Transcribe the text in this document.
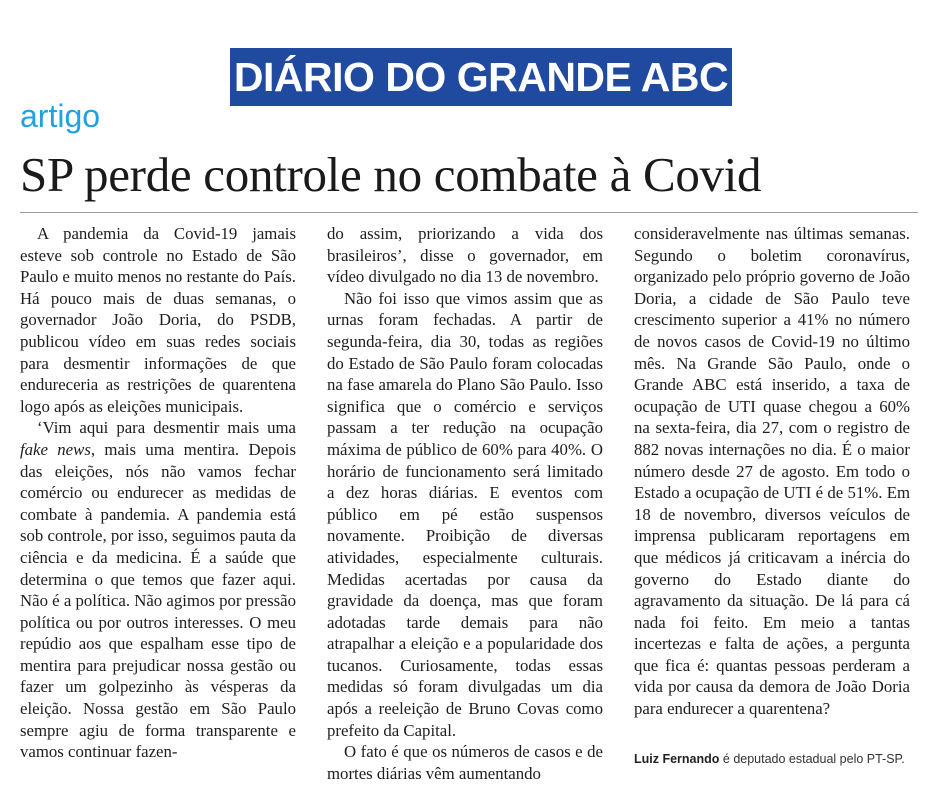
DIÁRIO DO GRANDE ABC
artigo
SP perde controle no combate à Covid

A pandemia da Covid-19 jamais esteve sob controle no Estado de São Paulo e muito menos no restante do País. Há pouco mais de duas semanas, o governador João Doria, do PSDB, publicou vídeo em suas redes sociais para desmentir informações de que endureceria as restrições de quarentena logo após as eleições municipais.

‘Vim aqui para desmentir mais uma fake news, mais uma mentira. Depois das eleições, nós não vamos fechar comércio ou endurecer as medidas de combate à pandemia. A pandemia está sob controle, por isso, seguimos pauta da ciência e da medicina. É a saúde que determina o que temos que fazer aqui. Não é a política. Não agimos por pressão política ou por outros interesses. O meu repúdio aos que espalham esse tipo de mentira para prejudicar nossa gestão ou fazer um golpezinho às vésperas da eleição. Nossa gestão em São Paulo sempre agiu de forma transparente e vamos continuar fazen-

do assim, priorizando a vida dos brasileiros’, disse o governador, em vídeo divulgado no dia 13 de novembro.

Não foi isso que vimos assim que as urnas foram fechadas. A partir de segunda-feira, dia 30, todas as regiões do Estado de São Paulo foram colocadas na fase amarela do Plano São Paulo. Isso significa que o comércio e serviços passam a ter redução na ocupação máxima de público de 60% para 40%. O horário de funcionamento será limitado a dez horas diárias. E eventos com público em pé estão suspensos novamente. Proibição de diversas atividades, especialmente culturais. Medidas acertadas por causa da gravidade da doença, mas que foram adotadas tarde demais para não atrapalhar a eleição e a popularidade dos tucanos. Curiosamente, todas essas medidas só foram divulgadas um dia após a reeleição de Bruno Covas como prefeito da Capital.

O fato é que os números de casos e de mortes diárias vêm aumentando

consideravelmente nas últimas semanas. Segundo o boletim coronavírus, organizado pelo próprio governo de João Doria, a cidade de São Paulo teve crescimento superior a 41% no número de novos casos de Covid-19 no último mês. Na Grande São Paulo, onde o Grande ABC está inserido, a taxa de ocupação de UTI quase chegou a 60% na sexta-feira, dia 27, com o registro de 882 novas internações no dia. É o maior número desde 27 de agosto. Em todo o Estado a ocupação de UTI é de 51%. Em 18 de novembro, diversos veículos de imprensa publicaram reportagens em que médicos já criticavam a inércia do governo do Estado diante do agravamento da situação. De lá para cá nada foi feito. Em meio a tantas incertezas e falta de ações, a pergunta que fica é: quantas pessoas perderam a vida por causa da demora de João Doria para endurecer a quarentena?

Luiz Fernando é deputado estadual pelo PT-SP.
